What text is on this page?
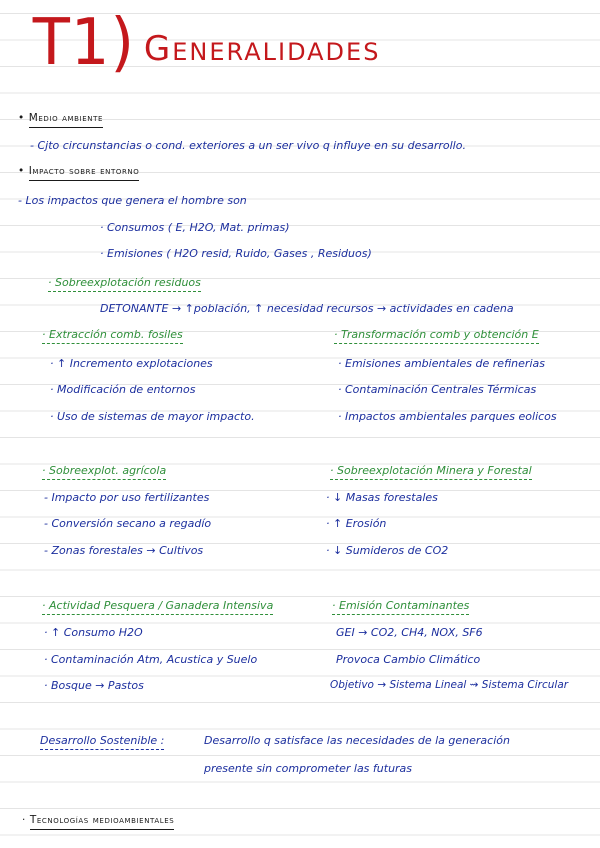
T1) Generalidades
• Medio ambiente
- Cjto circunstancias o cond. exteriores a un ser vivo q influye en su desarrollo.
• Impacto sobre entorno
- Los impactos que genera el hombre son
· Consumos ( E, H2O, Mat. primas)
· Emisiones ( H2O resid, Ruido, Gases , Residuos)
· Sobreexplotación residuos
DETONANTE → ↑población, ↑ necesidad recursos → actividades en cadena
· Extracción comb. fosiles
· ↑ Incremento explotaciones
· Modificación de entornos
· Uso de sistemas de mayor impacto.
· Transformación comb y obtención E
· Emisiones ambientales de refinerias
· Contaminación Centrales Térmicas
· Impactos ambientales parques eolicos
· Sobreexplot. agrícola
- Impacto por uso fertilizantes
- Conversión secano a regadío
- Zonas forestales → Cultivos
· Sobreexplotación Minera y Forestal
· ↓ Masas forestales
· ↑ Erosión
· ↓ Sumideros de CO2
· Actividad Pesquera / Ganadera Intensiva
· ↑ Consumo H2O
· Contaminación Atm, Acustica y Suelo
· Bosque → Pastos
· Emisión Contaminantes
GEI → CO2, CH4, NOX, SF6
Provoca Cambio Climático
Objetivo → Sistema Lineal ⇝ Sistema Circular
Desarrollo Sostenible :	Desarrollo q satisface las necesidades de la generación
presente sin comprometer las futuras
· Tecnologías medioambientales
